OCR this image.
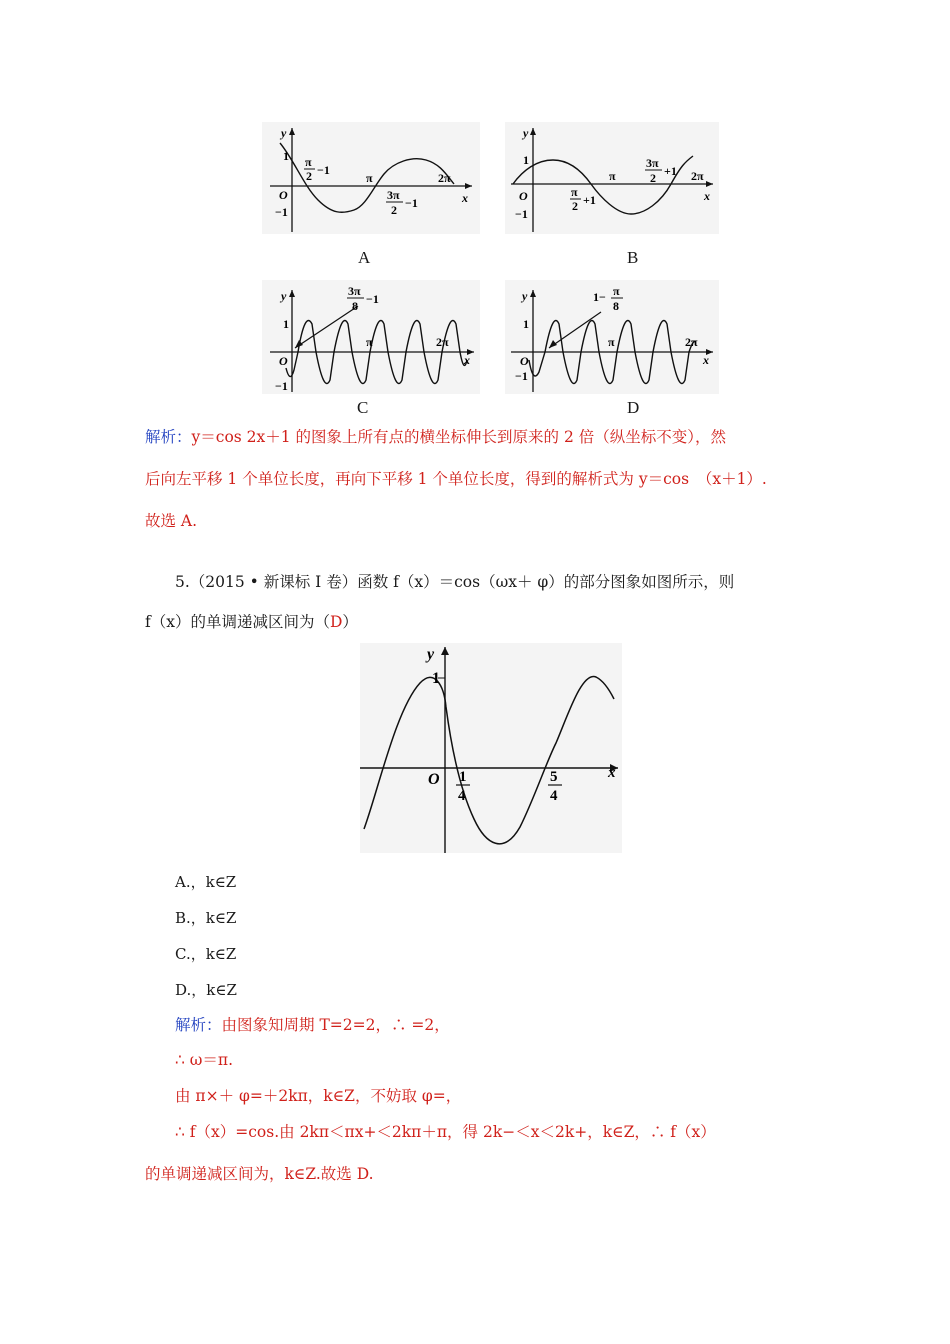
y
x
O
1
−1
π	2π
π
2 −1
3π
2 −1
A
y
x
O
1
−1
π	2π
π
2 +1
3π
2 +1
B
y
x
O
1
−1
π	2π
3π
8 −1
C
y
x
O
1
−1
π	2π
1− π
8
D
解析：y＝cos 2x＋1 的图象上所有点的横坐标伸长到原来的 2 倍（纵坐标不变），然
后向左平移 1 个单位长度，再向下平移 1 个单位长度，得到的解析式为 y＝cos　（x＋1）.
故选 A.
5.（2015 • 新课标 I 卷）函数 f（x）＝cos（ωx＋ φ）的部分图象如图所示，则
f（x）的单调递减区间为（D）
y
x
O
1
1
4
5
4
A.，k∈Z
B.，k∈Z
C.，k∈Z
D.，k∈Z
解析：由图象知周期 T=2=2，∴ =2，
∴ ω＝π.
由 π×＋ φ=＋2kπ，k∈Z，不妨取 φ=，
∴ f（x）=cos.由 2kπ＜πx+＜2kπ＋π，得 2k−＜x＜2k+，k∈Z，∴ f（x）
的单调递减区间为，k∈Z.故选 D.
